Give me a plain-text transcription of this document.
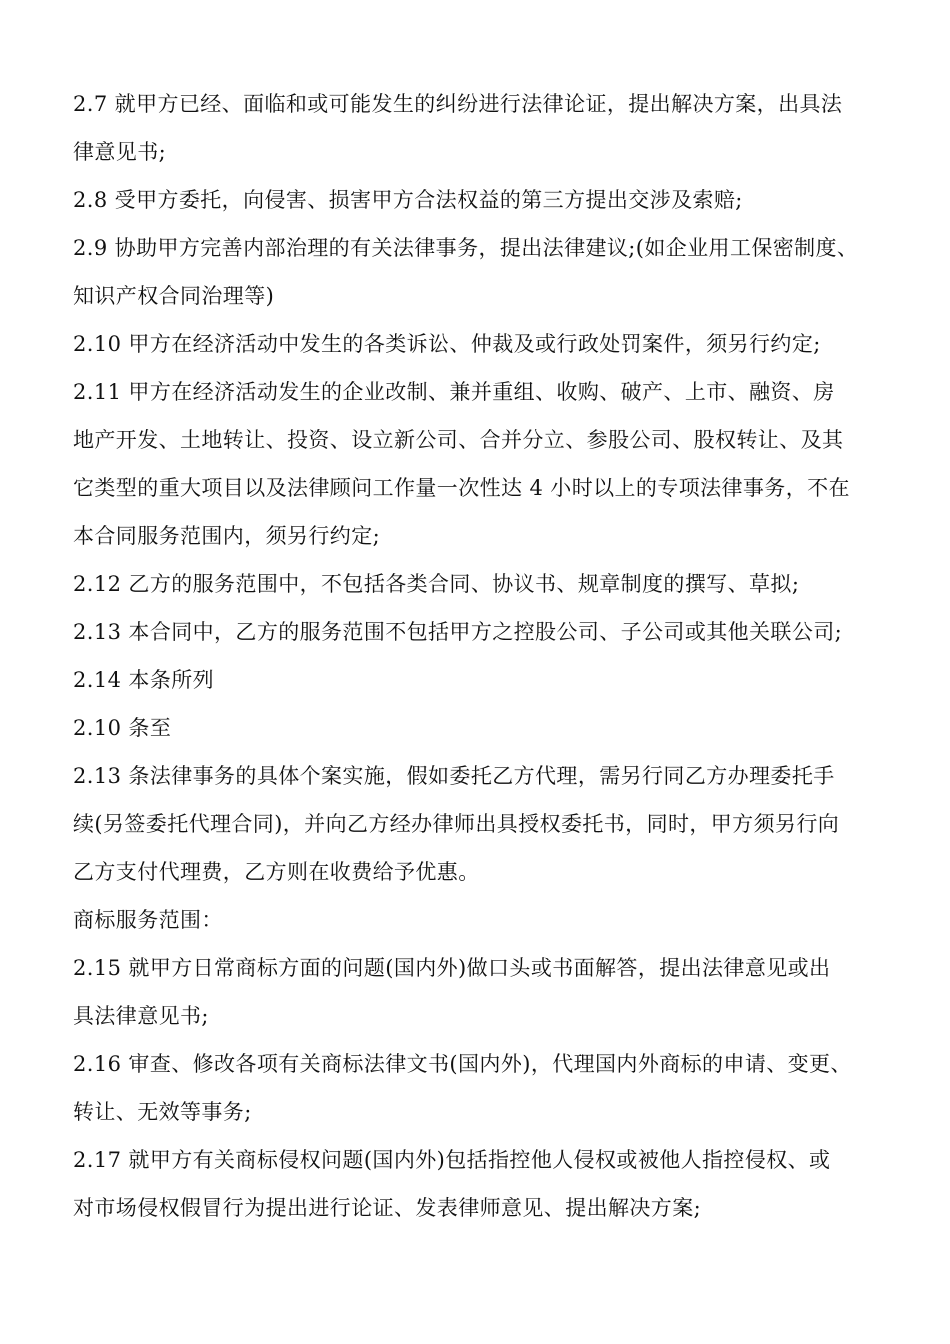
2.7 就甲方已经、面临和或可能发生的纠纷进行法律论证，提出解决方案，出具法
律意见书;
2.8 受甲方委托，向侵害、损害甲方合法权益的第三方提出交涉及索赔;
2.9 协助甲方完善内部治理的有关法律事务，提出法律建议;(如企业用工保密制度、
知识产权合同治理等)
2.10 甲方在经济活动中发生的各类诉讼、仲裁及或行政处罚案件，须另行约定;
2.11 甲方在经济活动发生的企业改制、兼并重组、收购、破产、上市、融资、房
地产开发、土地转让、投资、设立新公司、合并分立、参股公司、股权转让、及其
它类型的重大项目以及法律顾问工作量一次性达 4 小时以上的专项法律事务，不在
本合同服务范围内，须另行约定;
2.12 乙方的服务范围中，不包括各类合同、协议书、规章制度的撰写、草拟;
2.13 本合同中，乙方的服务范围不包括甲方之控股公司、子公司或其他关联公司;
2.14 本条所列
2.10 条至
2.13 条法律事务的具体个案实施，假如委托乙方代理，需另行同乙方办理委托手
续(另签委托代理合同)，并向乙方经办律师出具授权委托书，同时，甲方须另行向
乙方支付代理费，乙方则在收费给予优惠。
商标服务范围：
2.15 就甲方日常商标方面的问题(国内外)做口头或书面解答，提出法律意见或出
具法律意见书;
2.16 审查、修改各项有关商标法律文书(国内外)，代理国内外商标的申请、变更、
转让、无效等事务;
2.17 就甲方有关商标侵权问题(国内外)包括指控他人侵权或被他人指控侵权、或
对市场侵权假冒行为提出进行论证、发表律师意见、提出解决方案;
